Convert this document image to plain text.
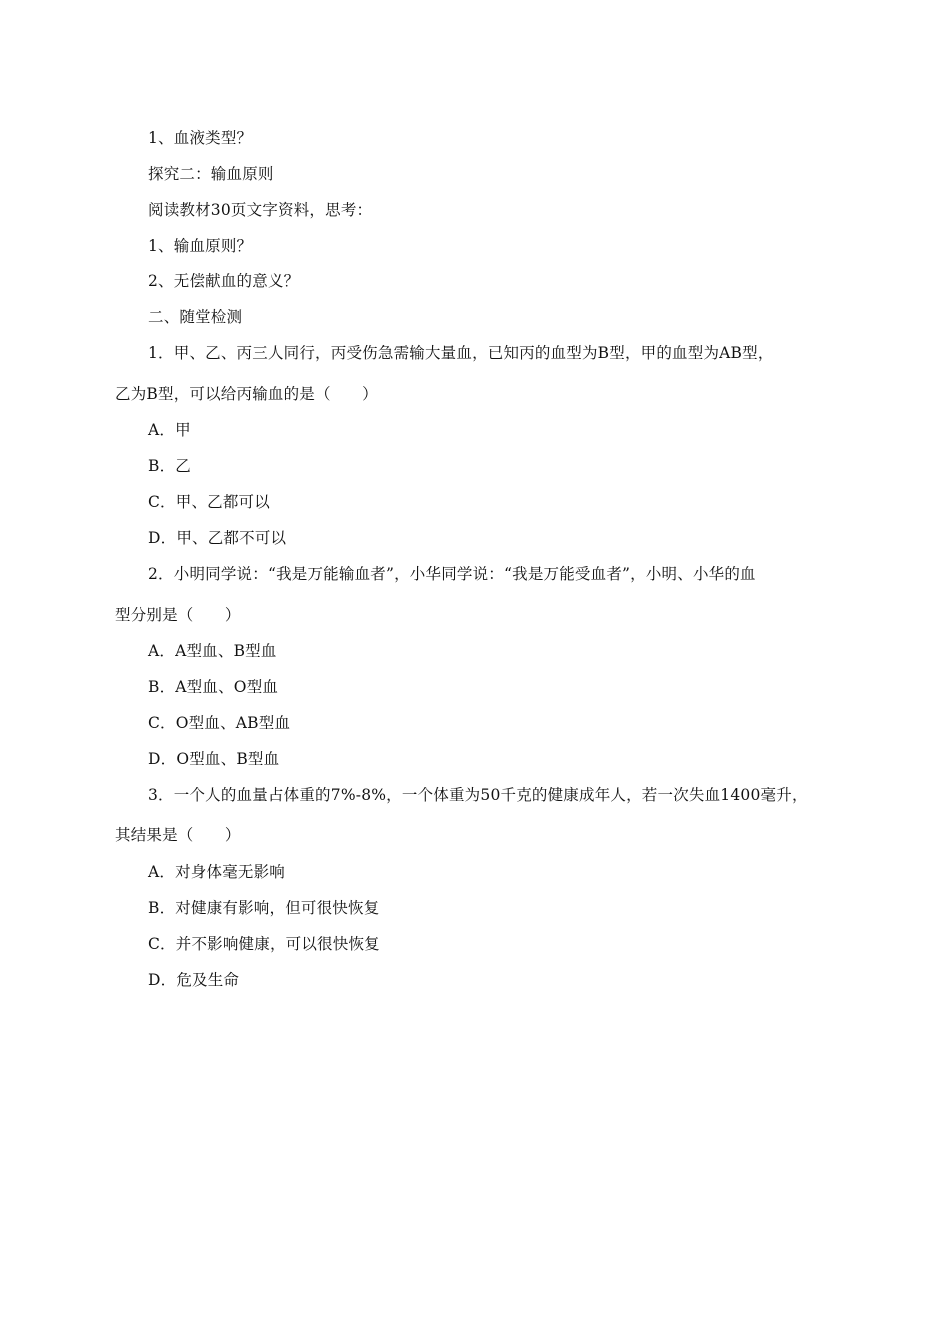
1、血液类型？
探究二：输血原则
阅读教材30页文字资料，思考：
1、输血原则？
2、无偿献血的意义？
二、随堂检测
1．甲、乙、丙三人同行，丙受伤急需输大量血，已知丙的血型为B型，甲的血型为AB型，
乙为B型，可以给丙输血的是（　　）
A．甲
B．乙
C．甲、乙都可以
D．甲、乙都不可以
2．小明同学说：“我是万能输血者”，小华同学说：“我是万能受血者”，小明、小华的血
型分别是（　　）
A．A型血、B型血
B．A型血、O型血
C．O型血、AB型血
D．O型血、B型血
3．一个人的血量占体重的7%-8%，一个体重为50千克的健康成年人，若一次失血1400毫升，
其结果是（　　）
A．对身体毫无影响
B．对健康有影响，但可很快恢复
C．并不影响健康，可以很快恢复
D．危及生命
